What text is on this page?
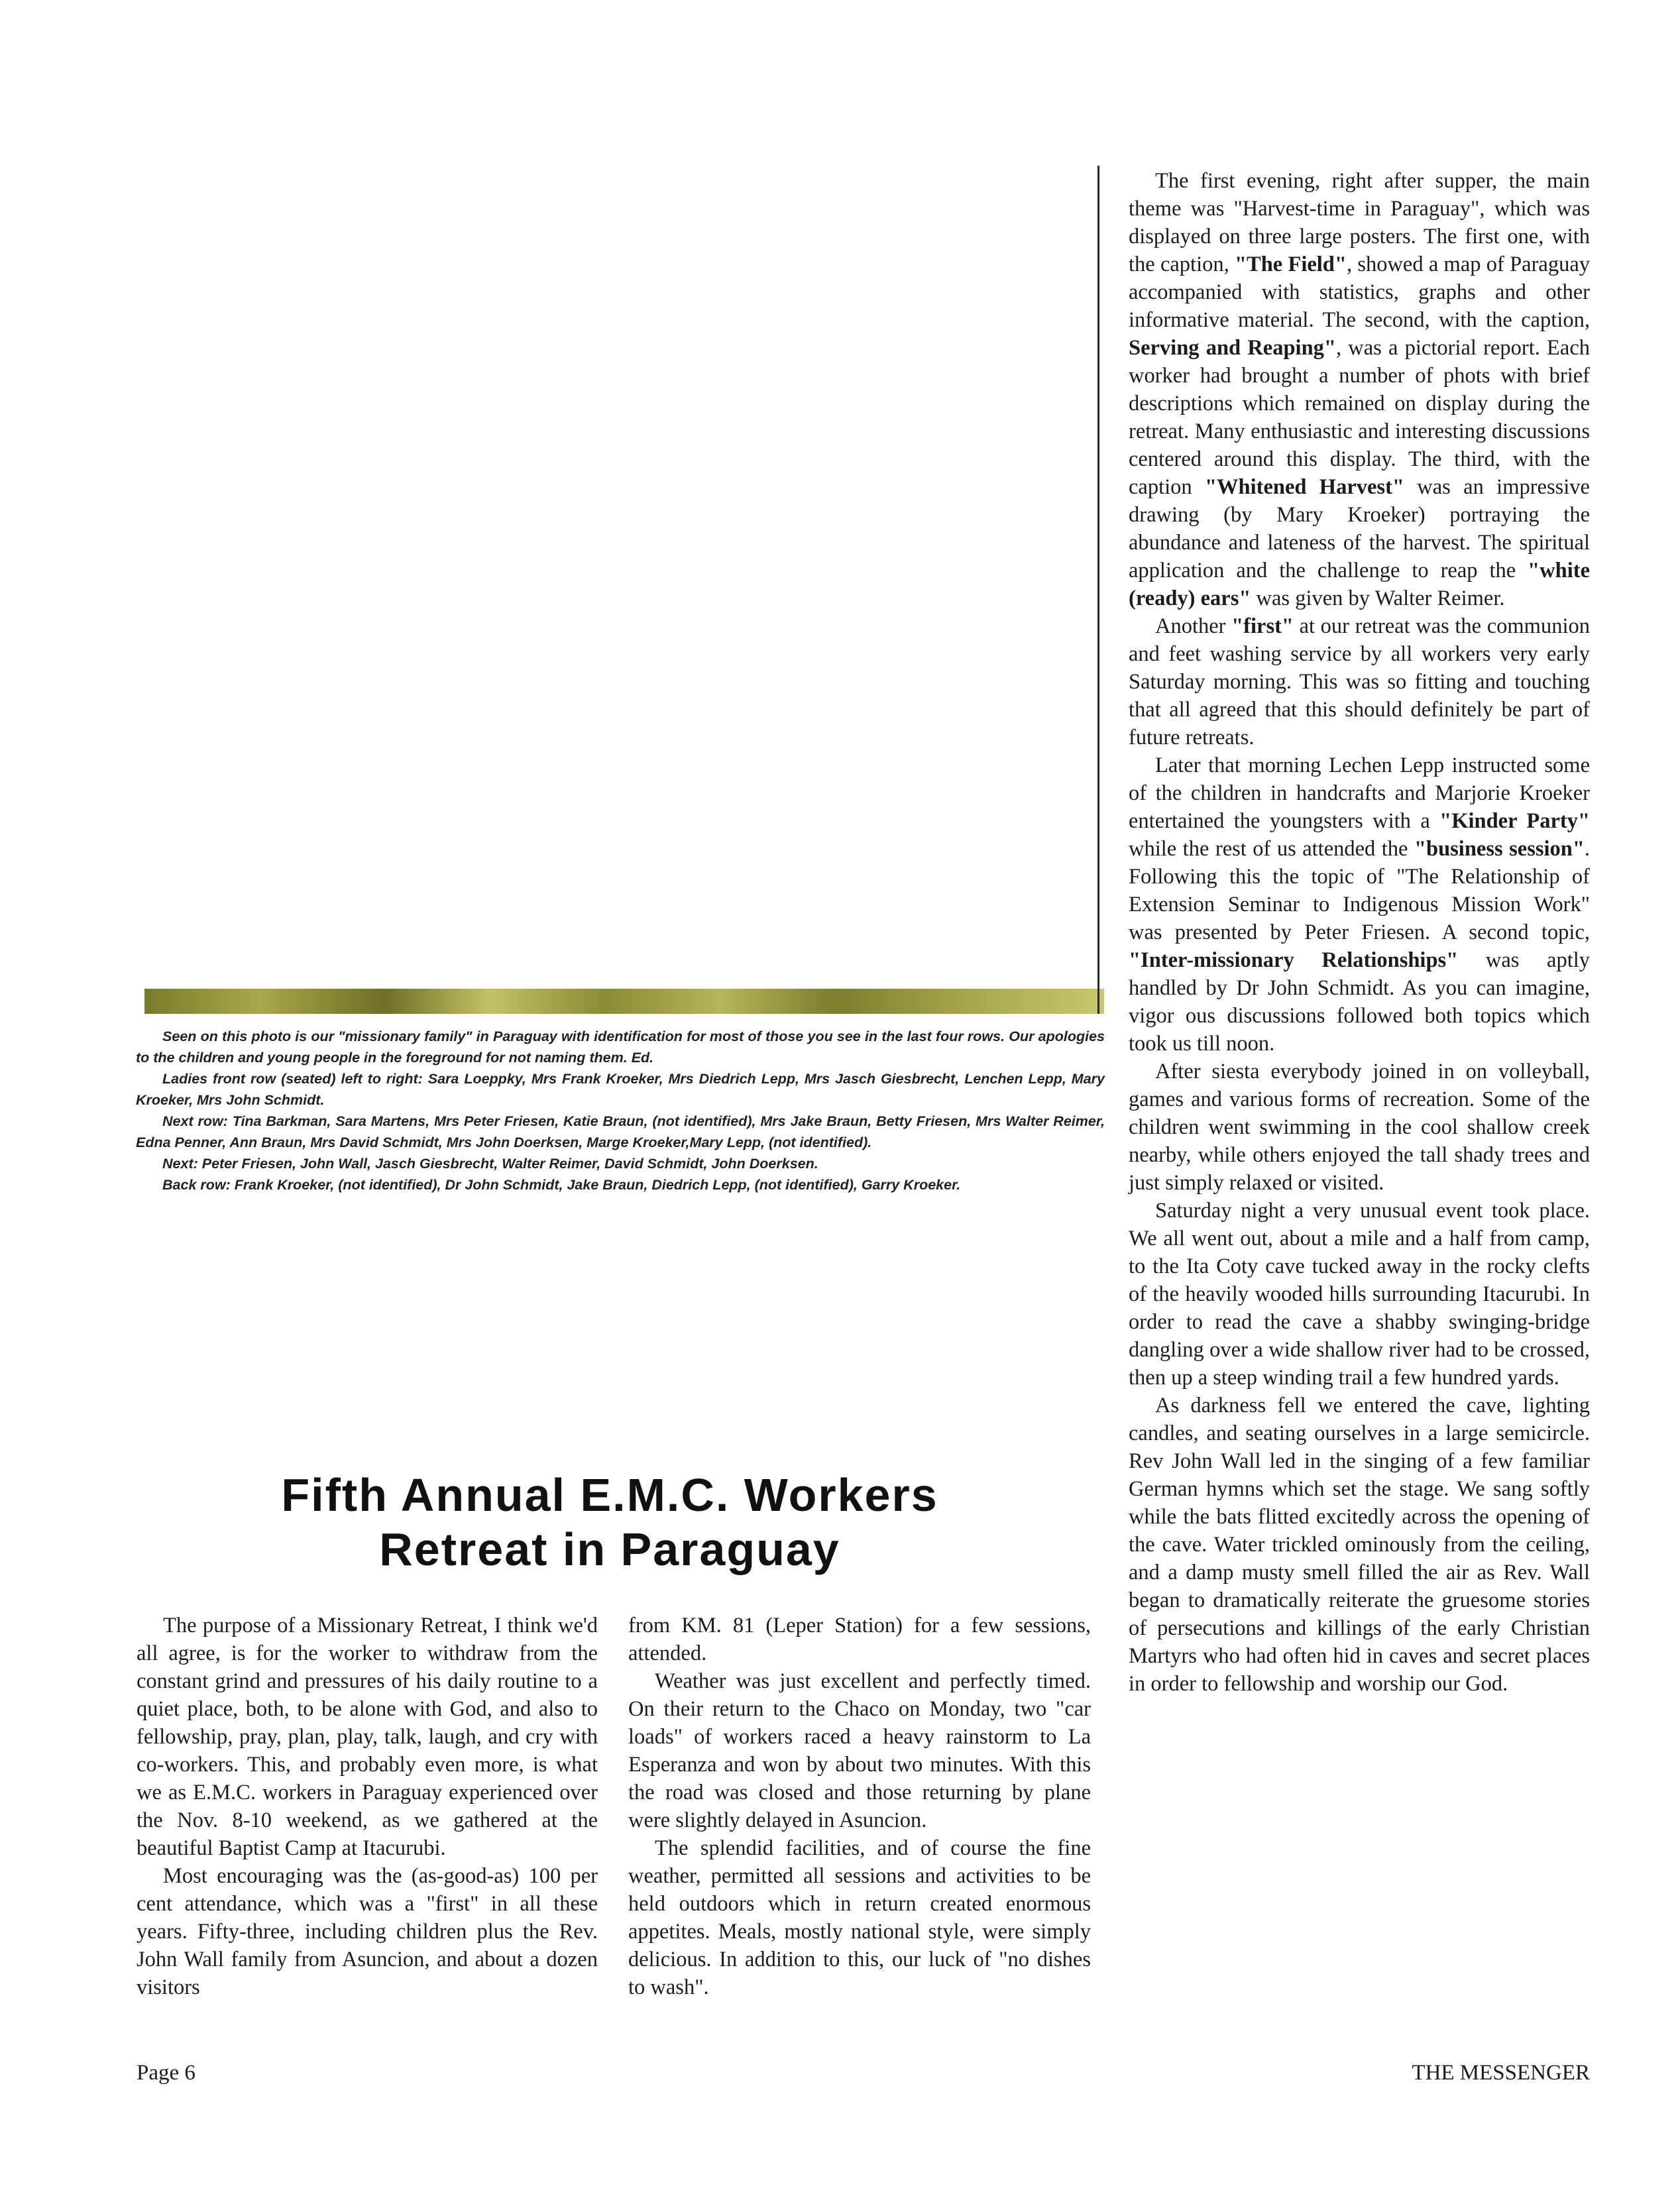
Seen on this photo is our "missionary family" in Paraguay with identification for most of those you see in the last four rows. Our apologies to the children and young people in the foreground for not naming them. Ed.

Ladies front row (seated) left to right: Sara Loeppky, Mrs Frank Kroeker, Mrs Diedrich Lepp, Mrs Jasch Giesbrecht, Lenchen Lepp, Mary Kroeker, Mrs John Schmidt.

Next row: Tina Barkman, Sara Martens, Mrs Peter Friesen, Katie Braun, (not identified), Mrs Jake Braun, Betty Friesen, Mrs Walter Reimer, Edna Penner, Ann Braun, Mrs David Schmidt, Mrs John Doerksen, Marge Kroeker,Mary Lepp, (not identified).

Next: Peter Friesen, John Wall, Jasch Giesbrecht, Walter Reimer, David Schmidt, John Doerksen.

Back row: Frank Kroeker, (not identified), Dr John Schmidt, Jake Braun, Diedrich Lepp, (not identified), Garry Kroeker.

Fifth Annual E.M.C. Workers
Retreat in Paraguay

The purpose of a Missionary Retreat, I think we'd all agree, is for the worker to withdraw from the constant grind and pressures of his daily routine to a quiet place, both, to be alone with God, and also to fellowship, pray, plan, play, talk, laugh, and cry with co-workers. This, and probably even more, is what we as E.M.C. workers in Paraguay experienced over the Nov. 8-10 weekend, as we gathered at the beautiful Baptist Camp at Itacurubi.

Most encouraging was the (as-good-as) 100 per cent attendance, which was a "first" in all these years. Fifty-three, including children plus the Rev. John Wall family from Asuncion, and about a dozen visitors

from KM. 81 (Leper Station) for a few sessions, attended.

Weather was just excellent and perfectly timed. On their return to the Chaco on Monday, two "car loads" of workers raced a heavy rainstorm to La Esperanza and won by about two minutes. With this the road was closed and those returning by plane were slightly delayed in Asuncion.

The splendid facilities, and of course the fine weather, permitted all sessions and activities to be held outdoors which in return created enormous appetites. Meals, mostly national style, were simply delicious. In addition to this, our luck of "no dishes to wash".

The first evening, right after supper, the main theme was "Harvest-time in Paraguay", which was displayed on three large posters. The first one, with the caption, "The Field", showed a map of Paraguay accompanied with statistics, graphs and other informative material. The second, with the caption, Serving and Reaping", was a pictorial report. Each worker had brought a number of phots with brief descriptions which remained on display during the retreat. Many enthusiastic and interesting discussions centered around this display. The third, with the caption "Whitened Harvest" was an impressive drawing (by Mary Kroeker) portraying the abundance and lateness of the harvest. The spiritual application and the challenge to reap the "white (ready) ears" was given by Walter Reimer.

Another "first" at our retreat was the communion and feet washing service by all workers very early Saturday morning. This was so fitting and touching that all agreed that this should definitely be part of future retreats.

Later that morning Lechen Lepp instructed some of the children in handcrafts and Marjorie Kroeker entertained the youngsters with a "Kinder Party" while the rest of us attended the "business session". Following this the topic of "The Relationship of Extension Seminar to Indigenous Mission Work" was presented by Peter Friesen. A second topic, "Inter-missionary Relationships" was aptly handled by Dr John Schmidt. As you can imagine, vigor ous discussions followed both topics which took us till noon.

After siesta everybody joined in on volleyball, games and various forms of recreation. Some of the children went swimming in the cool shallow creek nearby, while others enjoyed the tall shady trees and just simply relaxed or visited.

Saturday night a very unusual event took place. We all went out, about a mile and a half from camp, to the Ita Coty cave tucked away in the rocky clefts of the heavily wooded hills surrounding Itacurubi. In order to read the cave a shabby swinging-bridge dangling over a wide shallow river had to be crossed, then up a steep winding trail a few hundred yards.

As darkness fell we entered the cave, lighting candles, and seating ourselves in a large semicircle. Rev John Wall led in the singing of a few familiar German hymns which set the stage. We sang softly while the bats flitted excitedly across the opening of the cave. Water trickled ominously from the ceiling, and a damp musty smell filled the air as Rev. Wall began to dramatically reiterate the gruesome stories of persecutions and killings of the early Christian Martyrs who had often hid in caves and secret places in order to fellowship and worship our God.

Page 6	THE MESSENGER
